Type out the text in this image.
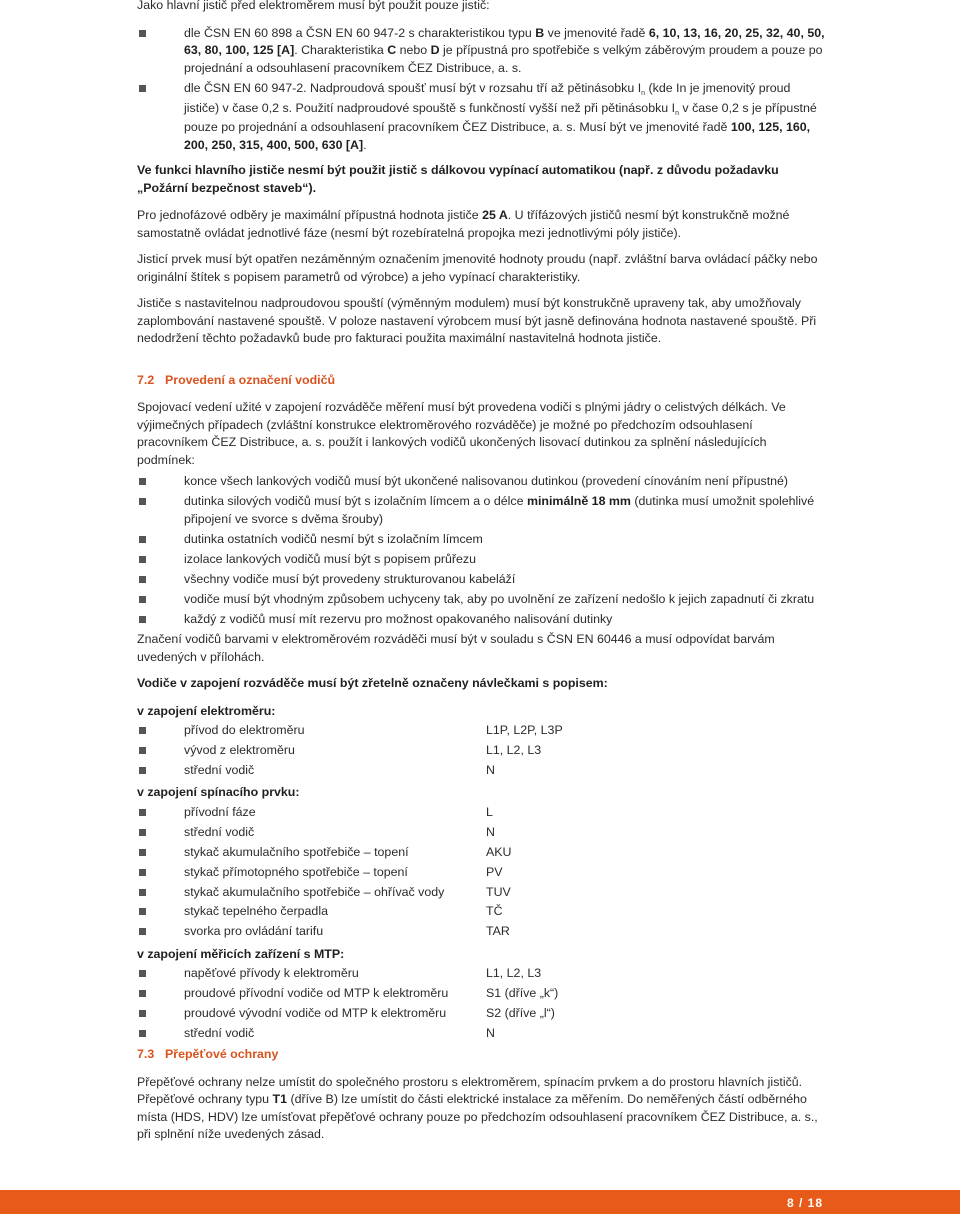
Jako hlavní jistič před elektroměrem musí být použit pouze jistič:

dle ČSN EN 60 898 a ČSN EN 60 947-2 s charakteristikou typu B ve jmenovité řadě 6, 10, 13, 16, 20, 25, 32, 40, 50, 63, 80, 100, 125 [A]. Charakteristika C nebo D je přípustná pro spotřebiče s velkým záběrovým proudem a pouze po projednání a odsouhlasení pracovníkem ČEZ Distribuce, a. s.
dle ČSN EN 60 947-2. Nadproudová spoušť musí být v rozsahu tří až pětinásobku $I_n$ (kde In je jmenovitý proud jističe) v čase 0,2 s. Použití nadproudové spouště s funkčností vyšší než při pětinásobku $I_n$ v čase 0,2 s je přípustné pouze po projednání a odsouhlasení pracovníkem ČEZ Distribuce, a. s. Musí být ve jmenovité řadě 100, 125, 160, 200, 250, 315, 400, 500, 630 [A].

Ve funkci hlavního jističe nesmí být použit jistič s dálkovou vypínací automatikou (např. z důvodu požadavku „Požární bezpečnost staveb“).

Pro jednofázové odběry je maximální přípustná hodnota jističe 25 A. U třífázových jističů nesmí být konstrukčně možné samostatně ovládat jednotlivé fáze (nesmí být rozebíratelná propojka mezi jednotlivými póly jističe).

Jisticí prvek musí být opatřen nezáměnným označením jmenovité hodnoty proudu (např. zvláštní barva ovládací páčky nebo originální štítek s popisem parametrů od výrobce) a jeho vypínací charakteristiky.

Jističe s nastavitelnou nadproudovou spouští (výměnným modulem) musí být konstrukčně upraveny tak, aby umožňovaly zaplombování nastavené spouště. V poloze nastavení výrobcem musí být jasně definována hodnota nastavené spouště. Při nedodržení těchto požadavků bude pro fakturaci použita maximální nastavitelná hodnota jističe.

7.2 Provedení a označení vodičů

Spojovací vedení užité v zapojení rozváděče měření musí být provedena vodiči s plnými jádry o celistvých délkách. Ve výjimečných případech (zvláštní konstrukce elektroměrového rozváděče) je možné po předchozím odsouhlasení pracovníkem ČEZ Distribuce, a. s. použít i lankových vodičů ukončených lisovací dutinkou za splnění následujících podmínek:

konce všech lankových vodičů musí být ukončené nalisovanou dutinkou (provedení cínováním není přípustné)
dutinka silových vodičů musí být s izolačním límcem a o délce minimálně 18 mm (dutinka musí umožnit spolehlivé připojení ve svorce s dvěma šrouby)
dutinka ostatních vodičů nesmí být s izolačním límcem
izolace lankových vodičů musí být s popisem průřezu
všechny vodiče musí být provedeny strukturovanou kabeláží
vodiče musí být vhodným způsobem uchyceny tak, aby po uvolnění ze zařízení nedošlo k jejich zapadnutí či zkratu
každý z vodičů musí mít rezervu pro možnost opakovaného nalisování dutinky

Značení vodičů barvami v elektroměrovém rozváděči musí být v souladu s ČSN EN 60446 a musí odpovídat barvám uvedených v přílohách.

Vodiče v zapojení rozváděče musí být zřetelně označeny návlečkami s popisem:

v zapojení elektroměru:

přívod do elektroměru	L1P, L2P, L3P
vývod z elektroměru	L1, L2, L3
střední vodič	N

v zapojení spínacího prvku:

přívodní fáze	L
střední vodič	N
stykač akumulačního spotřebiče – topení	AKU
stykač přímotopného spotřebiče – topení	PV
stykač akumulačního spotřebiče – ohřívač vody	TUV
stykač tepelného čerpadla	TČ
svorka pro ovládání tarifu	TAR

v zapojení měřicích zařízení s MTP:

napěťové přívody k elektroměru	L1, L2, L3
proudové přívodní vodiče od MTP k elektroměru	S1 (dříve „k“)
proudové vývodní vodiče od MTP k elektroměru	S2 (dříve „l“)
střední vodič	N

7.3 Přepěťové ochrany

Přepěťové ochrany nelze umístit do společného prostoru s elektroměrem, spínacím prvkem a do prostoru hlavních jističů. Přepěťové ochrany typu T1 (dříve B) lze umístit do části elektrické instalace za měřením. Do neměřených částí odběrného místa (HDS, HDV) lze umísťovat přepěťové ochrany pouze po předchozím odsouhlasení pracovníkem ČEZ Distribuce, a. s., při splnění níže uvedených zásad.

8 / 18
